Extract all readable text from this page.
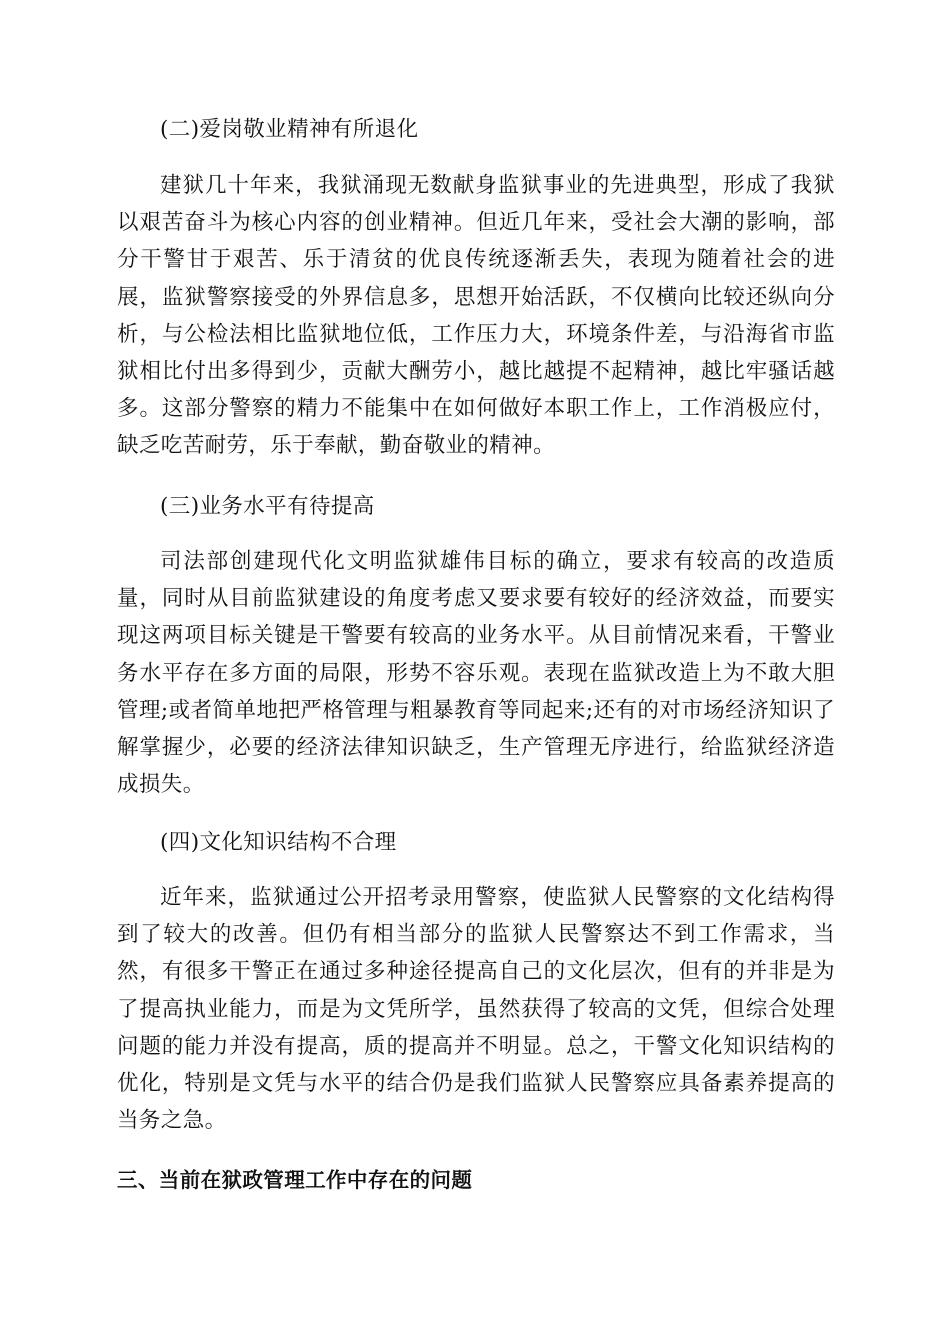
(二)爱岗敬业精神有所退化

建狱几十年来，我狱涌现无数献身监狱事业的先进典型，形成了我狱以艰苦奋斗为核心内容的创业精神。但近几年来，受社会大潮的影响，部分干警甘于艰苦、乐于清贫的优良传统逐渐丢失，表现为随着社会的进展，监狱警察接受的外界信息多，思想开始活跃，不仅横向比较还纵向分析，与公检法相比监狱地位低，工作压力大，环境条件差，与沿海省市监狱相比付出多得到少，贡献大酬劳小，越比越提不起精神，越比牢骚话越多。这部分警察的精力不能集中在如何做好本职工作上，工作消极应付，缺乏吃苦耐劳，乐于奉献，勤奋敬业的精神。

(三)业务水平有待提高

司法部创建现代化文明监狱雄伟目标的确立，要求有较高的改造质量，同时从目前监狱建设的角度考虑又要求要有较好的经济效益，而要实现这两项目标关键是干警要有较高的业务水平。从目前情况来看，干警业务水平存在多方面的局限，形势不容乐观。表现在监狱改造上为不敢大胆管理;或者简单地把严格管理与粗暴教育等同起来;还有的对市场经济知识了解掌握少，必要的经济法律知识缺乏，生产管理无序进行，给监狱经济造成损失。

(四)文化知识结构不合理

近年来，监狱通过公开招考录用警察，使监狱人民警察的文化结构得到了较大的改善。但仍有相当部分的监狱人民警察达不到工作需求，当然，有很多干警正在通过多种途径提高自己的文化层次，但有的并非是为了提高执业能力，而是为文凭所学，虽然获得了较高的文凭，但综合处理问题的能力并没有提高，质的提高并不明显。总之，干警文化知识结构的优化，特别是文凭与水平的结合仍是我们监狱人民警察应具备素养提高的当务之急。

三、当前在狱政管理工作中存在的问题
